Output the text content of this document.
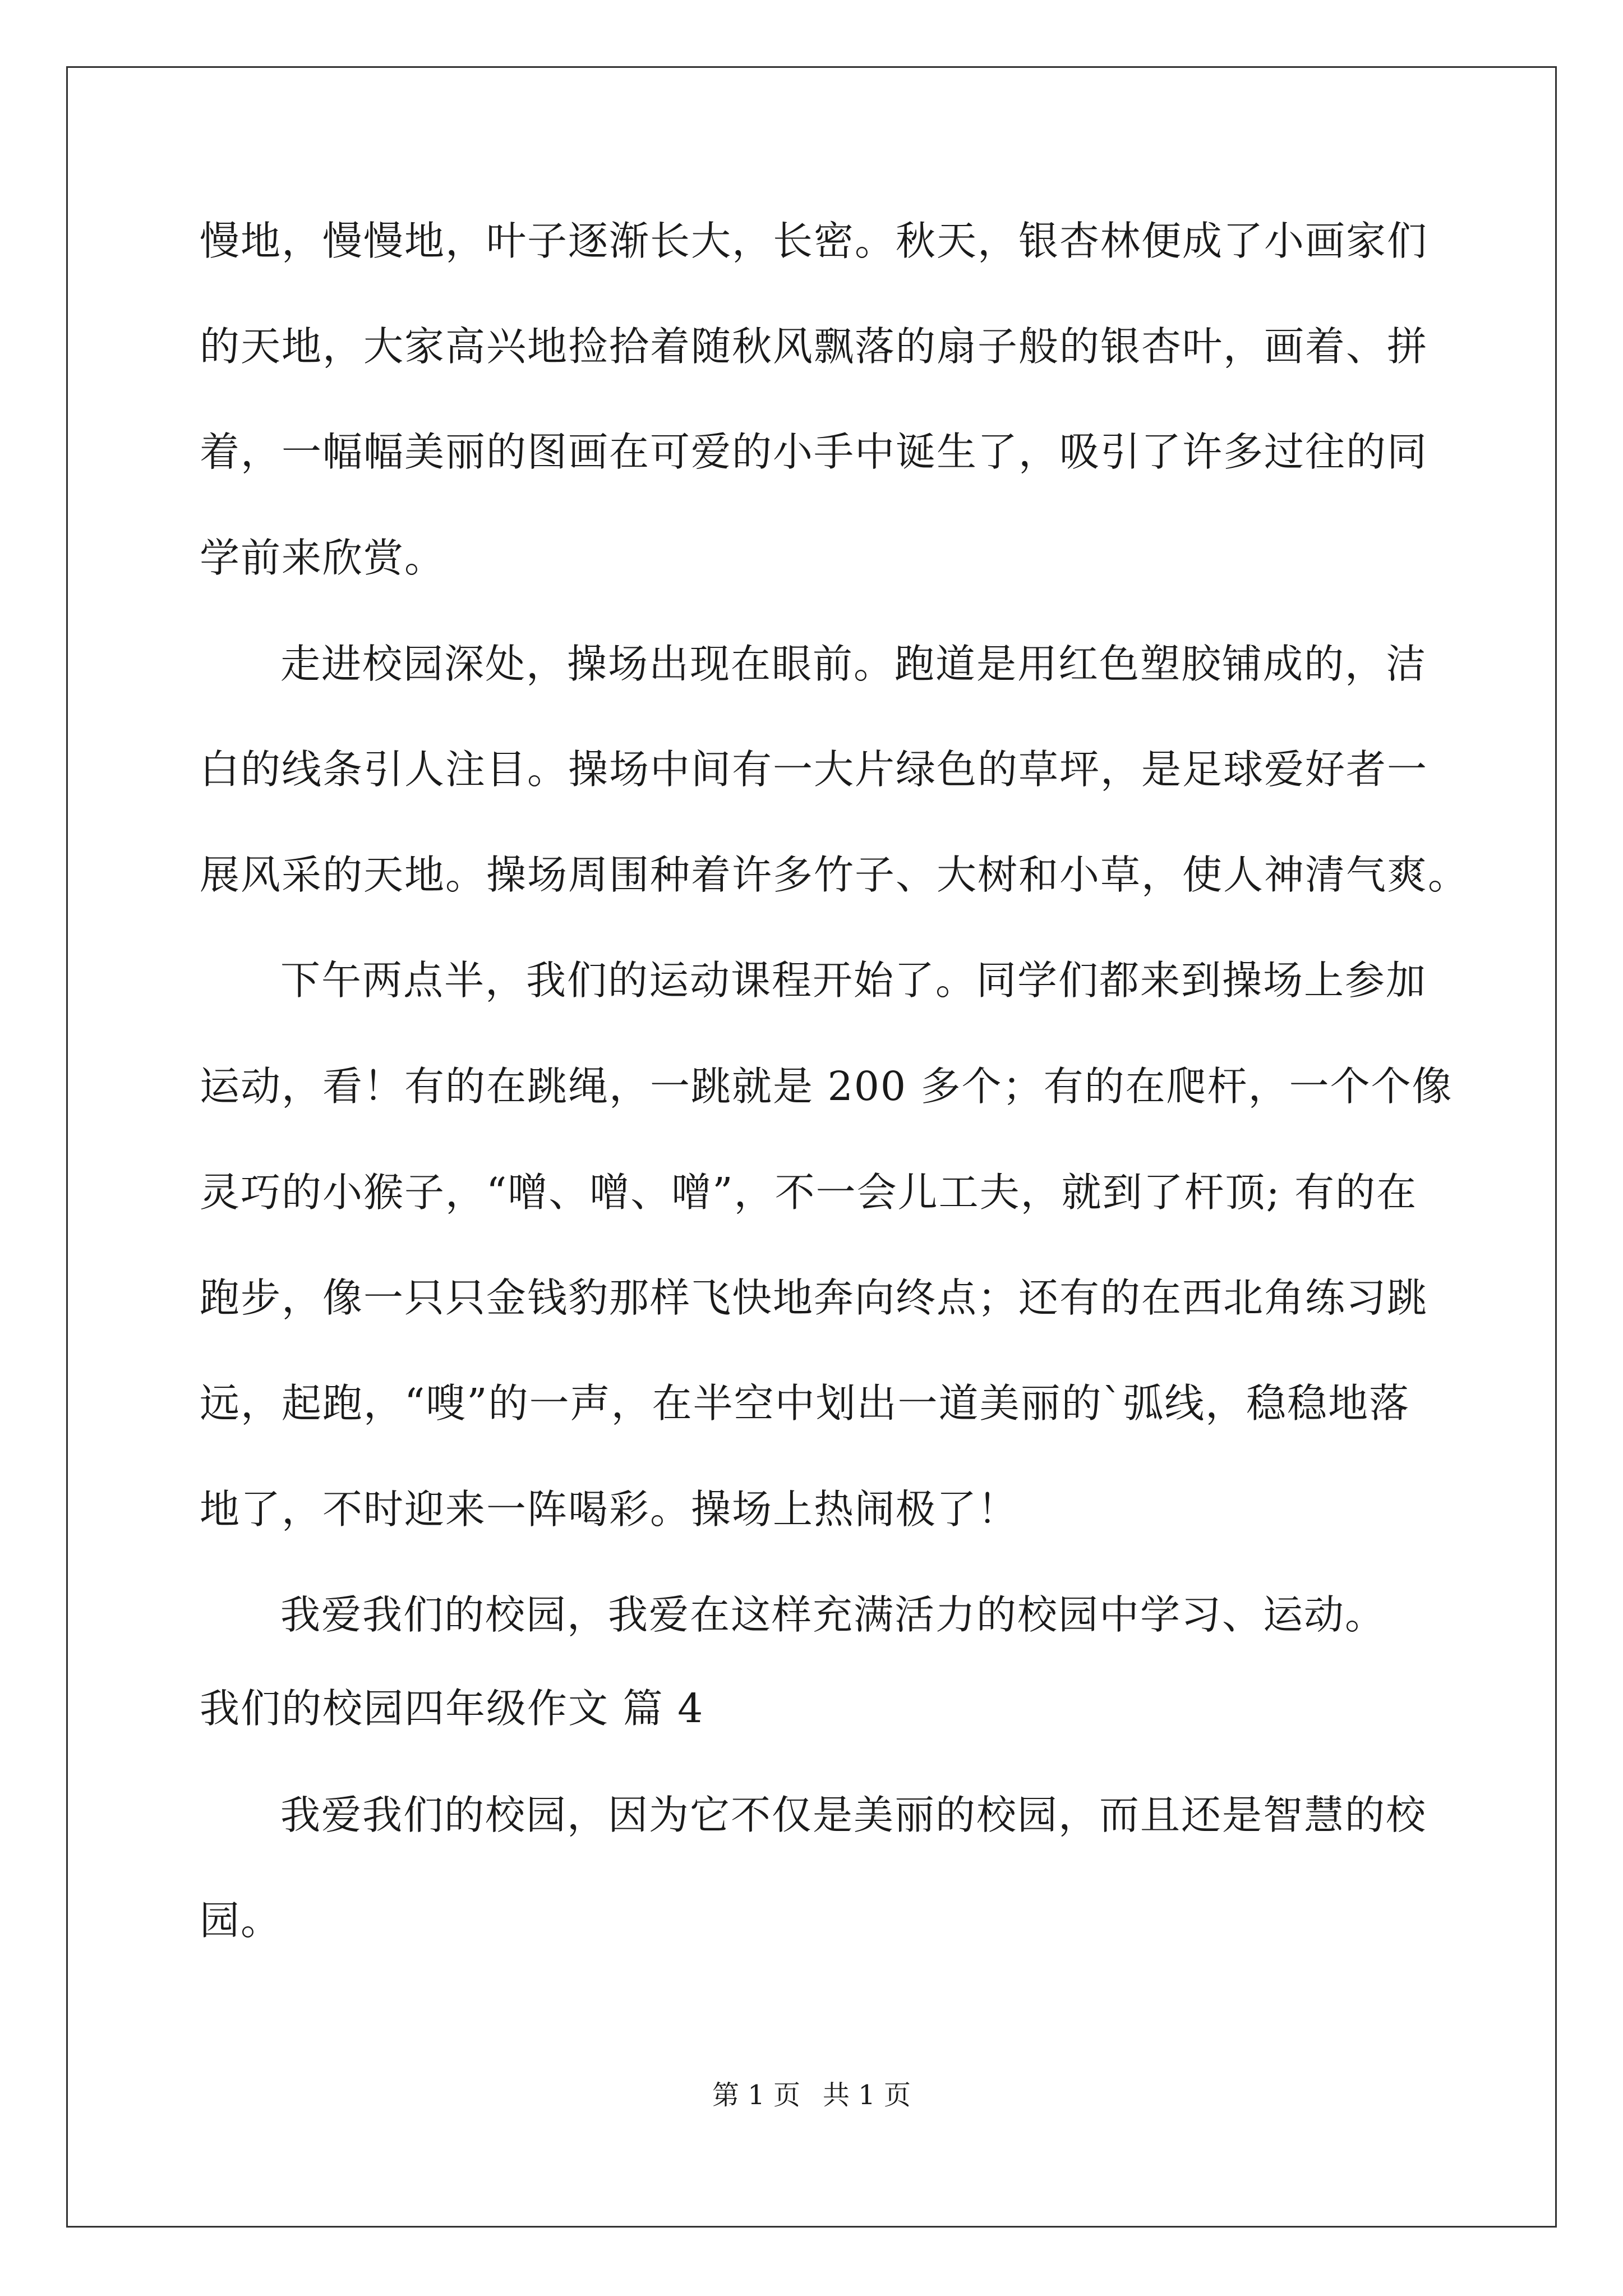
慢地，慢慢地，叶子逐渐长大，长密。秋天，银杏林便成了小画家们
的天地，大家高兴地捡拾着随秋风飘落的扇子般的银杏叶，画着、拼
着，一幅幅美丽的图画在可爱的小手中诞生了，吸引了许多过往的同
学前来欣赏。
走进校园深处，操场出现在眼前。跑道是用红色塑胶铺成的，洁
白的线条引人注目。操场中间有一大片绿色的草坪，是足球爱好者一
展风采的天地。操场周围种着许多竹子、大树和小草，使人神清气爽。
下午两点半，我们的运动课程开始了。同学们都来到操场上参加
运动，看！有的在跳绳，一跳就是 200 多个；有的在爬杆，一个个像
灵巧的小猴子，“噌、噌、噌”，不一会儿工夫，就到了杆顶; 有的在
跑步，像一只只金钱豹那样飞快地奔向终点；还有的在西北角练习跳
远，起跑，“嗖”的一声，在半空中划出一道美丽的`弧线，稳稳地落
地了，不时迎来一阵喝彩。操场上热闹极了！
我爱我们的校园，我爱在这样充满活力的校园中学习、运动。
我们的校园四年级作文 篇 4
我爱我们的校园，因为它不仅是美丽的校园，而且还是智慧的校
园。
第 1 页 共 1 页
